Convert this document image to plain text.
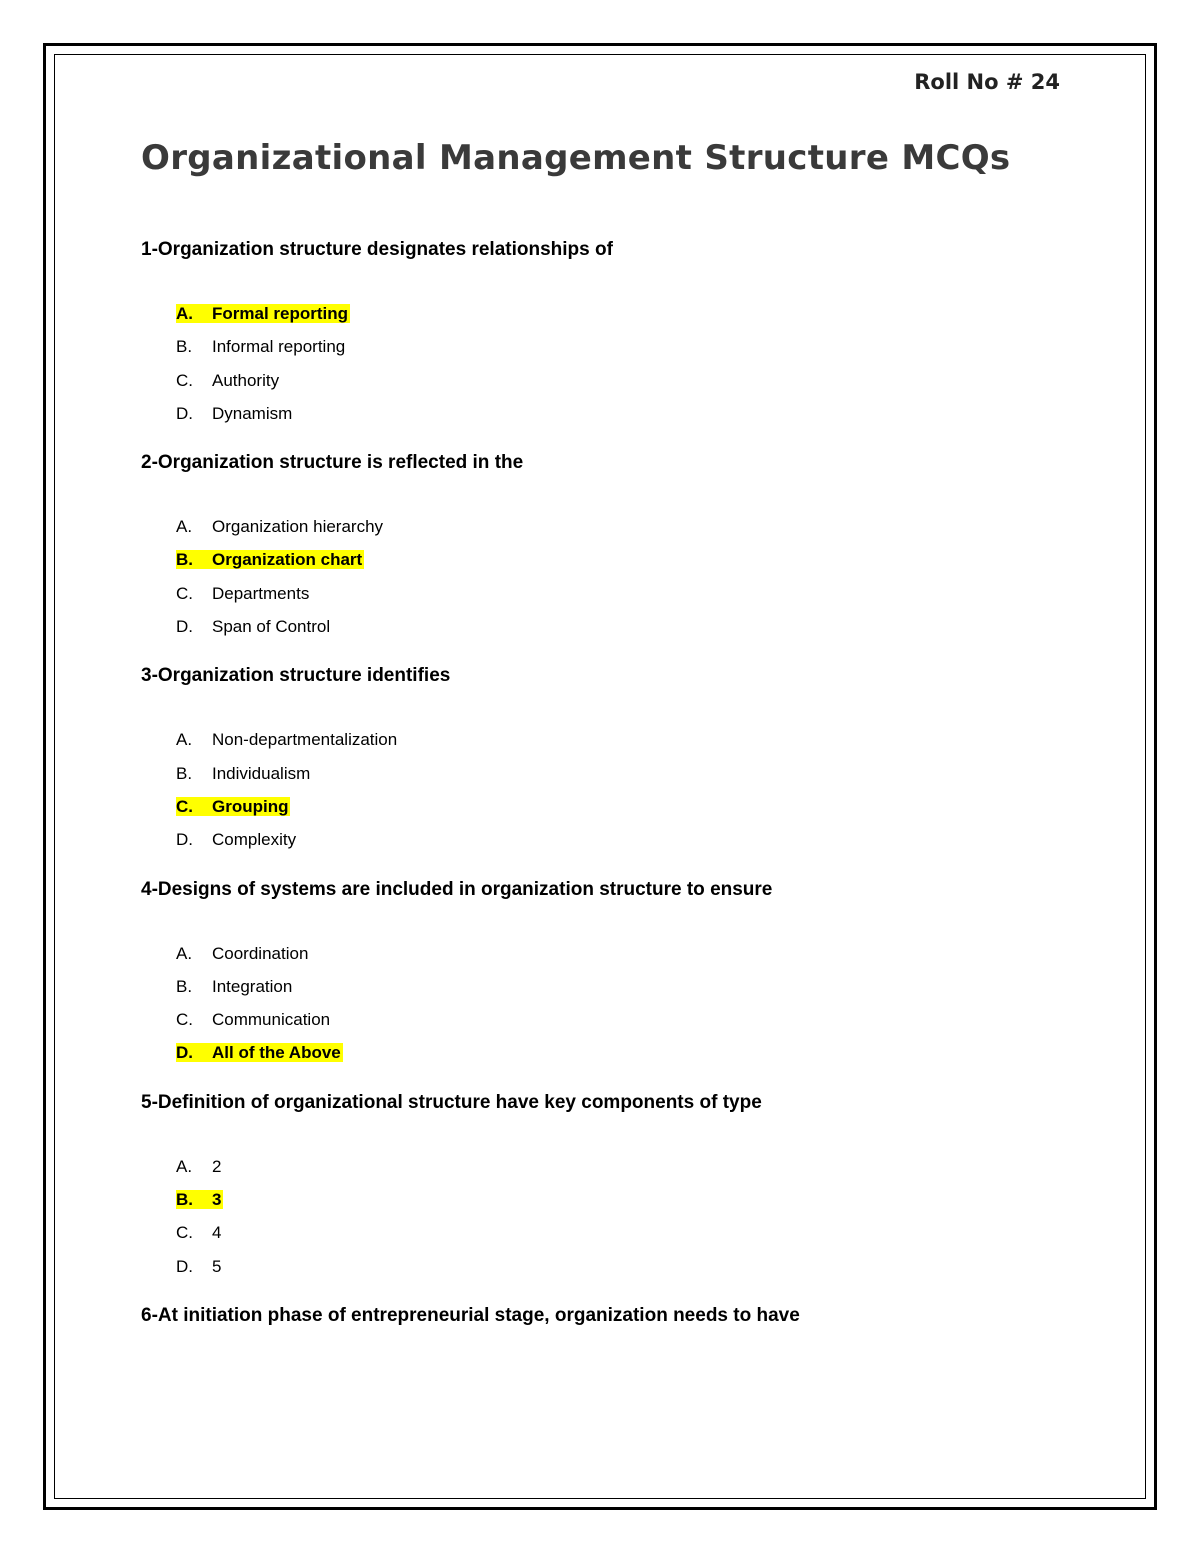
Roll No # 24
Organizational Management Structure MCQs
1-Organization structure designates relationships of
A. Formal reporting
B. Informal reporting
C. Authority
D. Dynamism
2-Organization structure is reflected in the
A. Organization hierarchy
B. Organization chart
C. Departments
D. Span of Control
3-Organization structure identifies
A. Non-departmentalization
B. Individualism
C. Grouping
D. Complexity
4-Designs of systems are included in organization structure to ensure
A. Coordination
B. Integration
C. Communication
D. All of the Above
5-Definition of organizational structure have key components of type
A. 2
B. 3
C. 4
D. 5
6-At initiation phase of entrepreneurial stage, organization needs to have
